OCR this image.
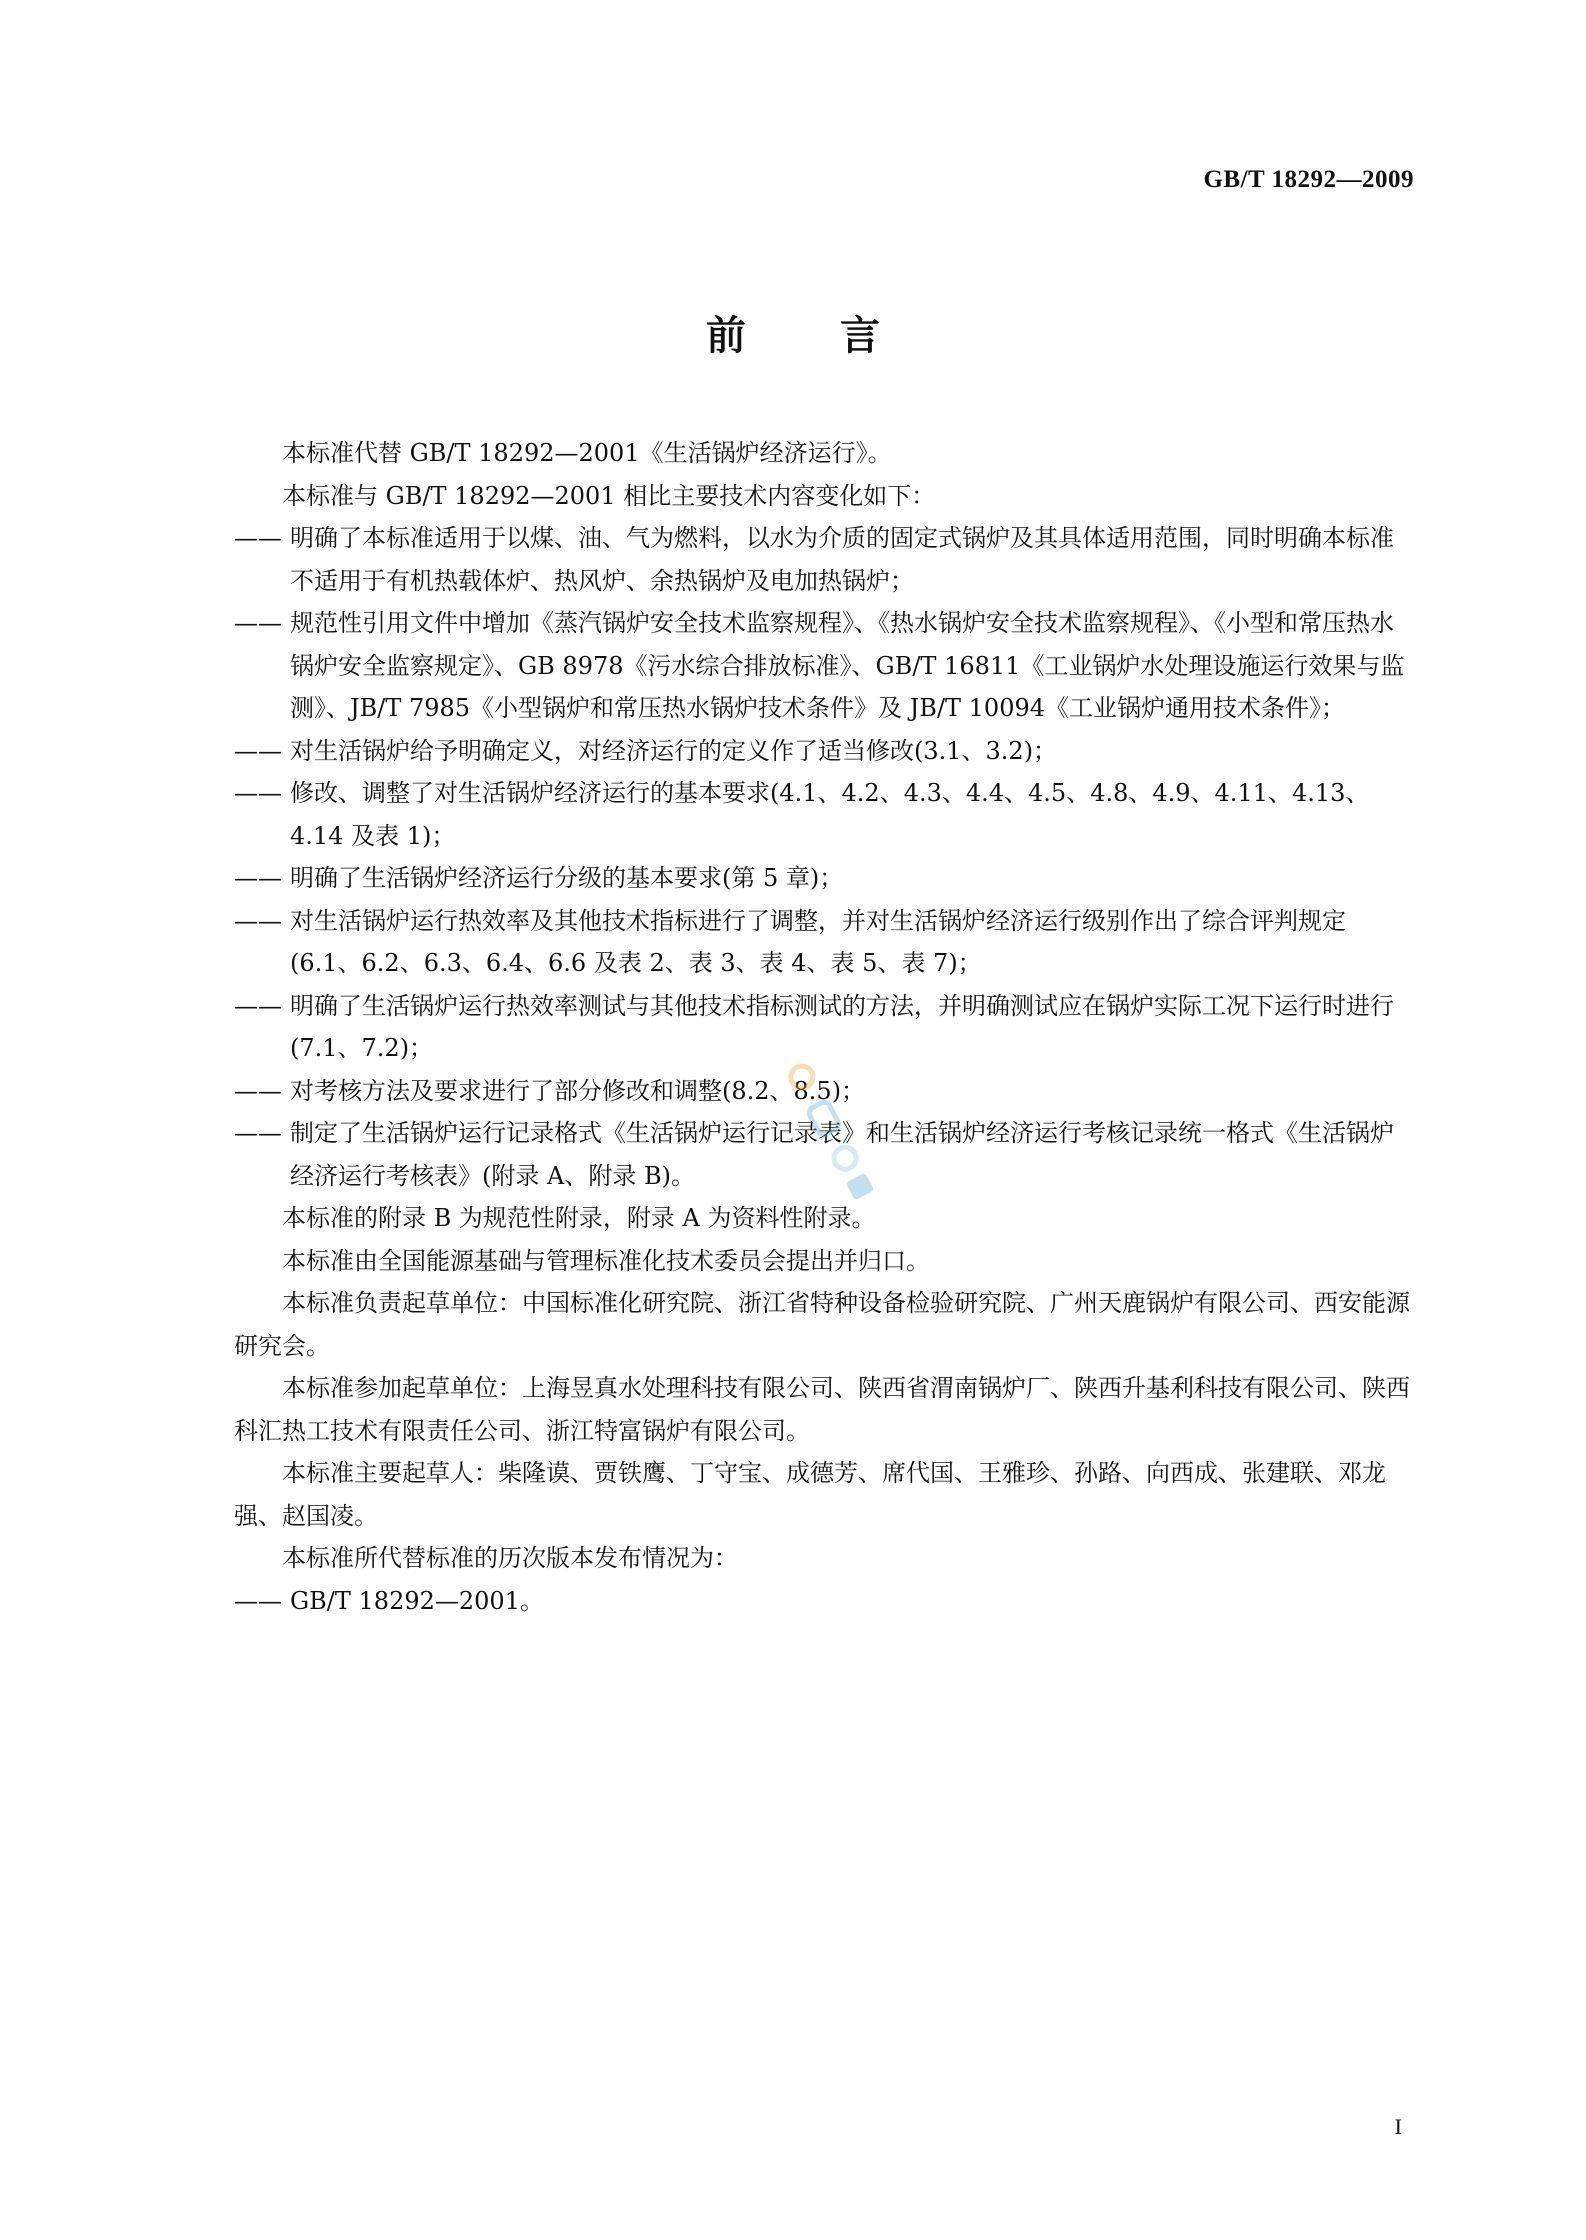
GB/T 18292—2009
前言

本标准代替 GB/T 18292—2001《生活锅炉经济运行》。

本标准与 GB/T 18292—2001 相比主要技术内容变化如下：

—— 明确了本标准适用于以煤、油、气为燃料，以水为介质的固定式锅炉及其具体适用范围，同时明确本标准不适用于有机热载体炉、热风炉、余热锅炉及电加热锅炉；
—— 规范性引用文件中增加《蒸汽锅炉安全技术监察规程》、《热水锅炉安全技术监察规程》、《小型和常压热水锅炉安全监察规定》、GB 8978《污水综合排放标准》、GB/T 16811《工业锅炉水处理设施运行效果与监测》、JB/T 7985《小型锅炉和常压热水锅炉技术条件》及 JB/T 10094《工业锅炉通用技术条件》；
—— 对生活锅炉给予明确定义，对经济运行的定义作了适当修改(3.1、3.2)；
—— 修改、调整了对生活锅炉经济运行的基本要求(4.1、4.2、4.3、4.4、4.5、4.8、4.9、4.11、4.13、4.14 及表 1)；
—— 明确了生活锅炉经济运行分级的基本要求(第 5 章)；
—— 对生活锅炉运行热效率及其他技术指标进行了调整，并对生活锅炉经济运行级别作出了综合评判规定(6.1、6.2、6.3、6.4、6.6 及表 2、表 3、表 4、表 5、表 7)；
—— 明确了生活锅炉运行热效率测试与其他技术指标测试的方法，并明确测试应在锅炉实际工况下运行时进行(7.1、7.2)；
—— 对考核方法及要求进行了部分修改和调整(8.2、8.5)；
—— 制定了生活锅炉运行记录格式《生活锅炉运行记录表》和生活锅炉经济运行考核记录统一格式《生活锅炉经济运行考核表》(附录 A、附录 B)。

本标准的附录 B 为规范性附录，附录 A 为资料性附录。

本标准由全国能源基础与管理标准化技术委员会提出并归口。

本标准负责起草单位：中国标准化研究院、浙江省特种设备检验研究院、广州天鹿锅炉有限公司、西安能源研究会。

本标准参加起草单位：上海昱真水处理科技有限公司、陕西省渭南锅炉厂、陕西升基利科技有限公司、陕西科汇热工技术有限责任公司、浙江特富锅炉有限公司。

本标准主要起草人：柴隆谟、贾铁鹰、丁守宝、成德芳、席代国、王雅珍、孙路、向西成、张建联、邓龙强、赵国凌。

本标准所代替标准的历次版本发布情况为：

—— GB/T 18292—2001。
I
